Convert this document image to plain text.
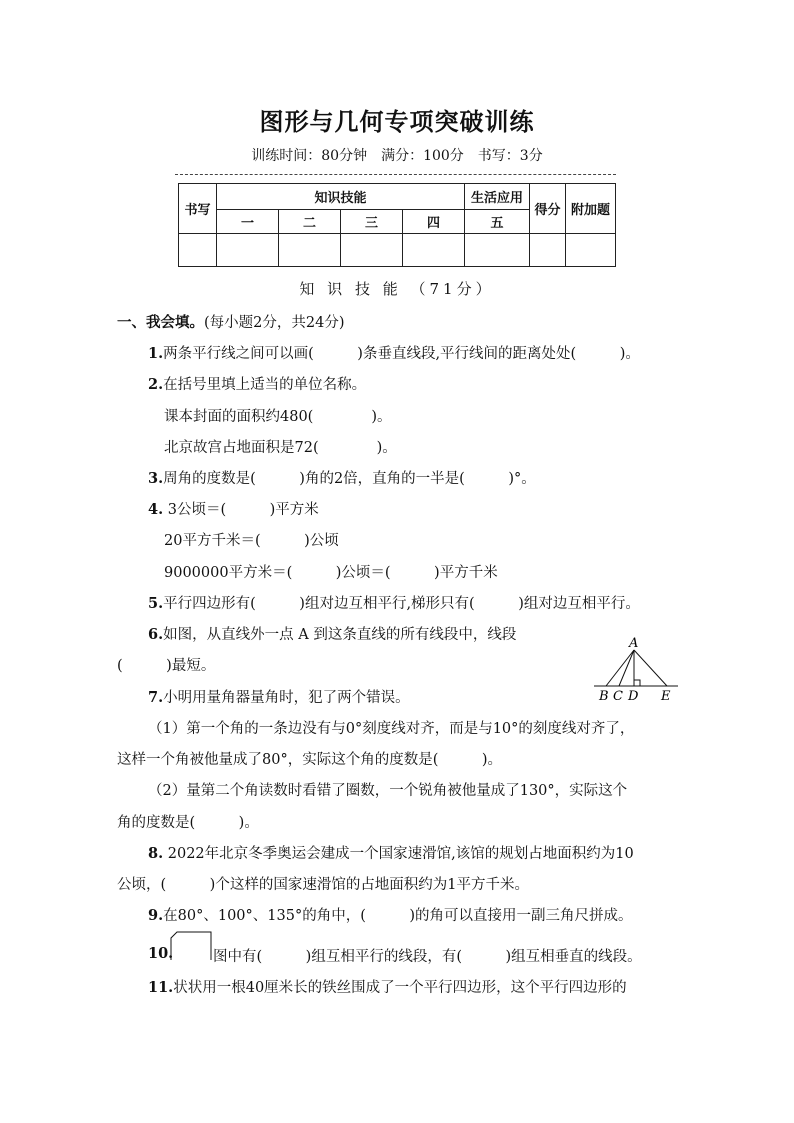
图形与几何专项突破训练
训练时间：80分钟　满分：100分　书写：3分
书写	知识技能				生活应用	得分	附加题
	一	二	三	四	五		

知 识 技 能 （71分）
一、我会填。(每小题2分，共24分)
1.两条平行线之间可以画(　　　)条垂直线段,平行线间的距离处处(　　　)。
2.在括号里填上适当的单位名称。
课本封面的面积约480(　　　　)。
北京故宫占地面积是72(　　　　)。
3.周角的度数是(　　　)角的2倍，直角的一半是(　　　)°。
4. 3公顷＝(　　　)平方米
20平方千米＝(　　　)公顷
9000000平方米＝(　　　)公顷＝(　　　)平方千米
5.平行四边形有(　　　)组对边互相平行,梯形只有(　　　)组对边互相平行。
6.如图，从直线外一点 A 到这条直线的所有线段中，线段
(　　　)最短。
A
B C D E
7.小明用量角器量角时，犯了两个错误。
（1）第一个角的一条边没有与0°刻度线对齐，而是与10°的刻度线对齐了，
这样一个角被他量成了80°，实际这个角的度数是(　　　)。
（2）量第二个角读数时看错了圈数，一个锐角被他量成了130°，实际这个
角的度数是(　　　)。
8. 2022年北京冬季奥运会建成一个国家速滑馆,该馆的规划占地面积约为10
公顷，(　　　)个这样的国家速滑馆的占地面积约为1平方千米。
9.在80°、100°、135°的角中，(　　　)的角可以直接用一副三角尺拼成。
10.	图中有(　　　)组互相平行的线段，有(　　　)组互相垂直的线段。
11.状状用一根40厘米长的铁丝围成了一个平行四边形，这个平行四边形的
